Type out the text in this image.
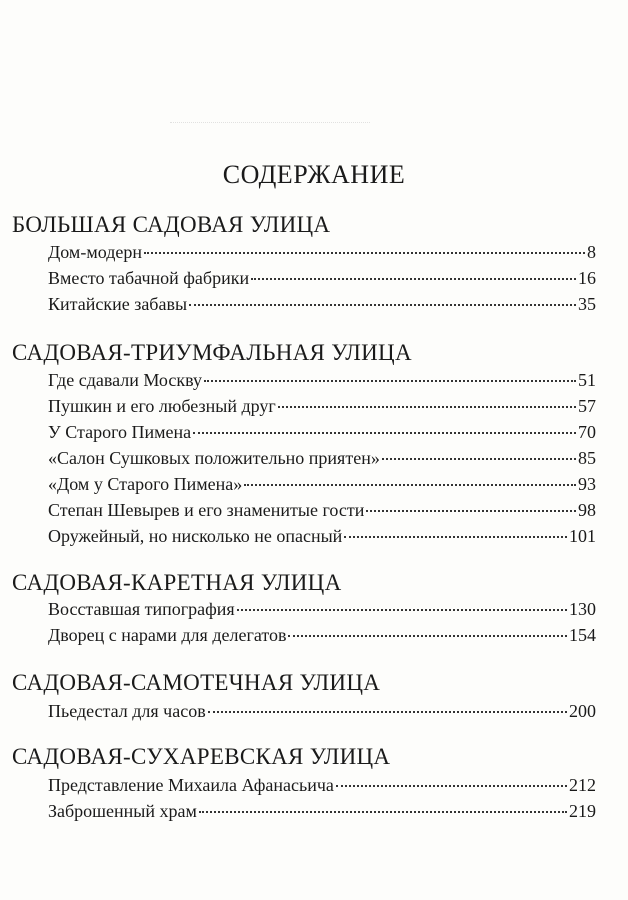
СОДЕРЖАНИЕ
БОЛЬШАЯ САДОВАЯ УЛИЦА
Дом-модерн	8
Вместо табачной фабрики	16
Китайские забавы	35
САДОВАЯ-ТРИУМФАЛЬНАЯ УЛИЦА
Где сдавали Москву	51
Пушкин и его любезный друг	57
У Старого Пимена	70
«Салон Сушковых положительно приятен»	85
«Дом у Старого Пимена»	93
Степан Шевырев и его знаменитые гости	98
Оружейный, но нисколько не опасный	101
САДОВАЯ-КАРЕТНАЯ УЛИЦА
Восставшая типография	130
Дворец с нарами для делегатов	154
САДОВАЯ-САМОТЕЧНАЯ УЛИЦА
Пьедестал для часов	200
САДОВАЯ-СУХАРЕВСКАЯ УЛИЦА
Представление Михаила Афанасьича	212
Заброшенный храм	219
